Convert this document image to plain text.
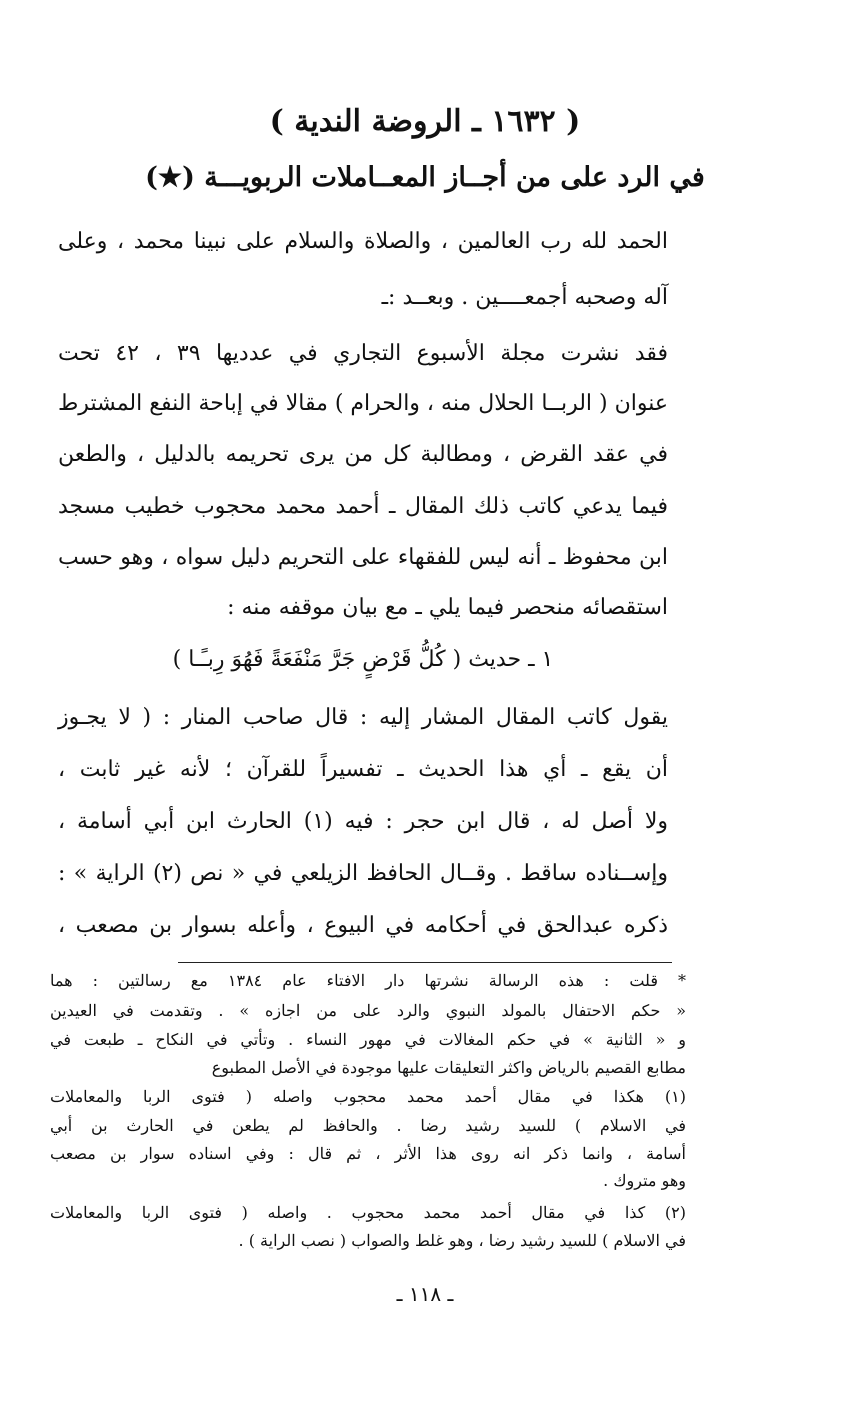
( ١٦٣٢ ـ الروضة الندية )
في الرد على من أجــاز المعــاملات الربويـــة (★)
الحمد لله رب العالمين ، والصلاة والسلام على نبينا محمد ، وعلى
آله وصحبه أجمعــــين . وبعــد :ـ
فقد نشرت مجلة الأسبوع التجاري في عدديها ٣٩ ، ٤٢ تحت
عنوان ( الربــا الحلال منه ، والحرام ) مقالا في إباحة النفع المشترط
في عقد القرض ، ومطالبة كل من يرى تحريمه بالدليل ، والطعن
فيما يدعي كاتب ذلك المقال ـ أحمد محمد محجوب خطيب مسجد
ابن محفوظ ـ أنه ليس للفقهاء على التحريم دليل سواه ، وهو حسب
استقصائه منحصر فيما يلي ـ مع بيان موقفه منه :
١ ـ حديث ( كُلُّ قَرْضٍ جَرَّ مَنْفَعَةً فَهُوَ رِبـًـا )
يقول كاتب المقال المشار إليه : قال صاحب المنار : ( لا يجـوز
أن يقع ـ أي هذا الحديث ـ تفسيراً للقرآن ؛ لأنه غير ثابت ،
ولا أصل له ، قال ابن حجر : فيه (١) الحارث ابن أبي أسامة ،
وإســناده ساقط . وقــال الحافظ الزيلعي في « نص (٢) الراية » :
ذكره عبدالحق في أحكامه في البيوع ، وأعله بسوار بن مصعب ،
* قلت : هذه الرسالة نشرتها دار الافتاء عام ١٣٨٤ مع رسالتين : هما
« حكم الاحتفال بالمولد النبوي والرد على من اجازه » . وتقدمت في العيدين
و « الثانية » في حكم المغالات في مهور النساء . وتأتي في النكاح ـ طبعت في
مطابع القصيم بالرياض واكثر التعليقات عليها موجودة في الأصل المطبوع
(١) هكذا في مقال أحمد محمد محجوب واصله ( فتوى الربا والمعاملات
في الاسلام ) للسيد رشيد رضا . والحافظ لم يطعن في الحارث بن أبي
أسامة ، وانما ذكر انه روى هذا الأثر ، ثم قال : وفي اسناده سوار بن مصعب
وهو متروك .
(٢) كذا في مقال أحمد محمد محجوب . واصله ( فتوى الربا والمعاملات
في الاسلام ) للسيد رشيد رضا ، وهو غلط والصواب ( نصب الراية ) .
ـ ١١٨ ـ
